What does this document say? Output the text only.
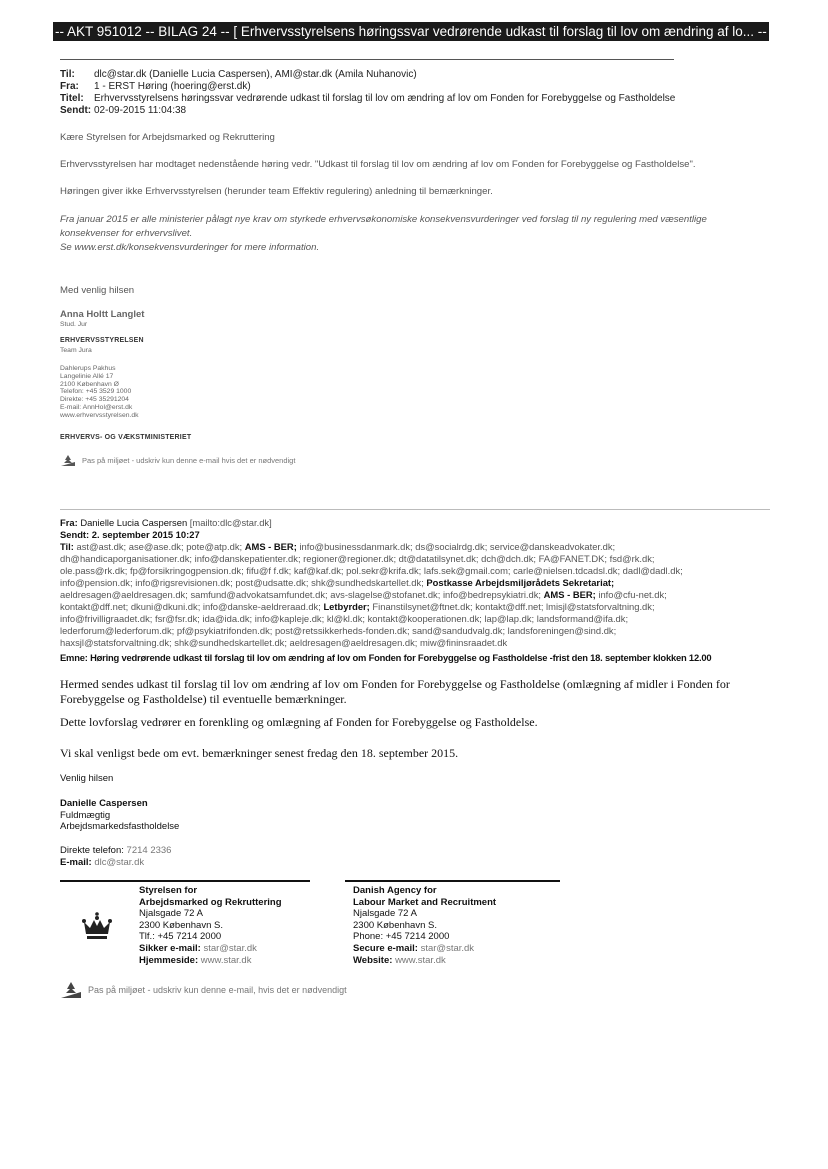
-- AKT 951012 -- BILAG 24 -- [ Erhvervsstyrelsens høringssvar vedrørende udkast til forslag til lov om ændring af lo... --
Til: dlc@star.dk (Danielle Lucia Caspersen), AMI@star.dk (Amila Nuhanovic)
Fra: 1 - ERST Høring (hoering@erst.dk)
Titel: Erhvervsstyrelsens høringssvar vedrørende udkast til forslag til lov om ændring af lov om Fonden for Forebyggelse og Fastholdelse
Sendt: 02-09-2015 11:04:38
Kære Styrelsen for Arbejdsmarked og Rekruttering
Erhvervsstyrelsen har modtaget nedenstående høring vedr. "Udkast til forslag til lov om ændring af lov om Fonden for Forebyggelse og Fastholdelse".
Høringen giver ikke Erhvervsstyrelsen (herunder team Effektiv regulering) anledning til bemærkninger.
Fra januar 2015 er alle ministerier pålagt nye krav om styrkede erhvervsøkonomiske konsekvensvurderinger ved forslag til ny regulering med væsentlige
konsekvenser for erhvervslivet.
Se www.erst.dk/konsekvensvurderinger for mere information.
Med venlig hilsen
Anna Holtt Langlet
Stud. Jur
ERHVERVSSTYRELSEN
Team Jura
Dahlerups Pakhus
Langelinie Allé 17
2100 København Ø
Telefon: +45 3529 1000
Direkte: +45 35291204
E-mail: AnnHol@erst.dk
www.erhvervsstyrelsen.dk
ERHVERVS- OG VÆKSTMINISTERIET
Pas på miljøet - udskriv kun denne e-mail hvis det er nødvendigt
Fra: Danielle Lucia Caspersen [mailto:dlc@star.dk]
Sendt: 2. september 2015 10:27
Til: ast@ast.dk; ase@ase.dk; pote@atp.dk; AMS - BER; info@businessdanmark.dk; ds@socialrdg.dk; service@danskeadvokater.dk;
dh@handicaporganisationer.dk; info@danskepatienter.dk; regioner@regioner.dk; dt@datatilsynet.dk; dch@dch.dk; FA@FANET.DK; fsd@rk.dk;
ole.pass@rk.dk; fp@forsikringogpension.dk; fifu@f f.dk; kaf@kaf.dk; pol.sekr@krifa.dk; lafs.sek@gmail.com; carle@nielsen.tdcadsl.dk; dadl@dadl.dk;
info@pension.dk; info@rigsrevisionen.dk; post@udsatte.dk; shk@sundhedskartellet.dk; Postkasse Arbejdsmiljørådets Sekretariat;
aeldresagen@aeldresagen.dk; samfund@advokatsamfundet.dk; avs-slagelse@stofanet.dk; info@bedrepsykiatri.dk; AMS - BER; info@cfu-net.dk;
kontakt@dff.net; dkuni@dkuni.dk; info@danske-aeldreraad.dk; Letbyrder; Finanstilsynet@ftnet.dk; kontakt@dff.net; lmisjl@statsforvaltning.dk;
info@frivilligraadet.dk; fsr@fsr.dk; ida@ida.dk; info@kapleje.dk; kl@kl.dk; kontakt@kooperationen.dk; lap@lap.dk; landsformand@ifa.dk;
lederforum@lederforum.dk; pf@psykiatrifonden.dk; post@retssikkerheds-fonden.dk; sand@sandudvalg.dk; landsforeningen@sind.dk;
haxsjl@statsforvaltning.dk; shk@sundhedskartellet.dk; aeldresagen@aeldresagen.dk; miw@fininsraadet.dk
Emne: Høring vedrørende udkast til forslag til lov om ændring af lov om Fonden for Forebyggelse og Fastholdelse -frist den 18. september klokken 12.00
Hermed sendes udkast til forslag til lov om ændring af lov om Fonden for Forebyggelse og Fastholdelse (omlægning af midler i Fonden for Forebyggelse og Fastholdelse) til eventuelle bemærkninger.
Dette lovforslag vedrører en forenkling og omlægning af Fonden for Forebyggelse og Fastholdelse.
Vi skal venligst bede om evt. bemærkninger senest fredag den 18. september 2015.
Venlig hilsen
Danielle Caspersen
Fuldmægtig
Arbejdsmarkedsfastholdelse
Direkte telefon: 7214 2336
E-mail: dlc@star.dk
Styrelsen for
Arbejdsmarked og Rekruttering
Njalsgade 72 A
2300 København S.
Tlf.: +45 7214 2000
Sikker e-mail: star@star.dk
Hjemmeside: www.star.dk
Danish Agency for
Labour Market and Recruitment
Njalsgade 72 A
2300 København S.
Phone: +45 7214 2000
Secure e-mail: star@star.dk
Website: www.star.dk
Pas på miljøet - udskriv kun denne e-mail, hvis det er nødvendigt
